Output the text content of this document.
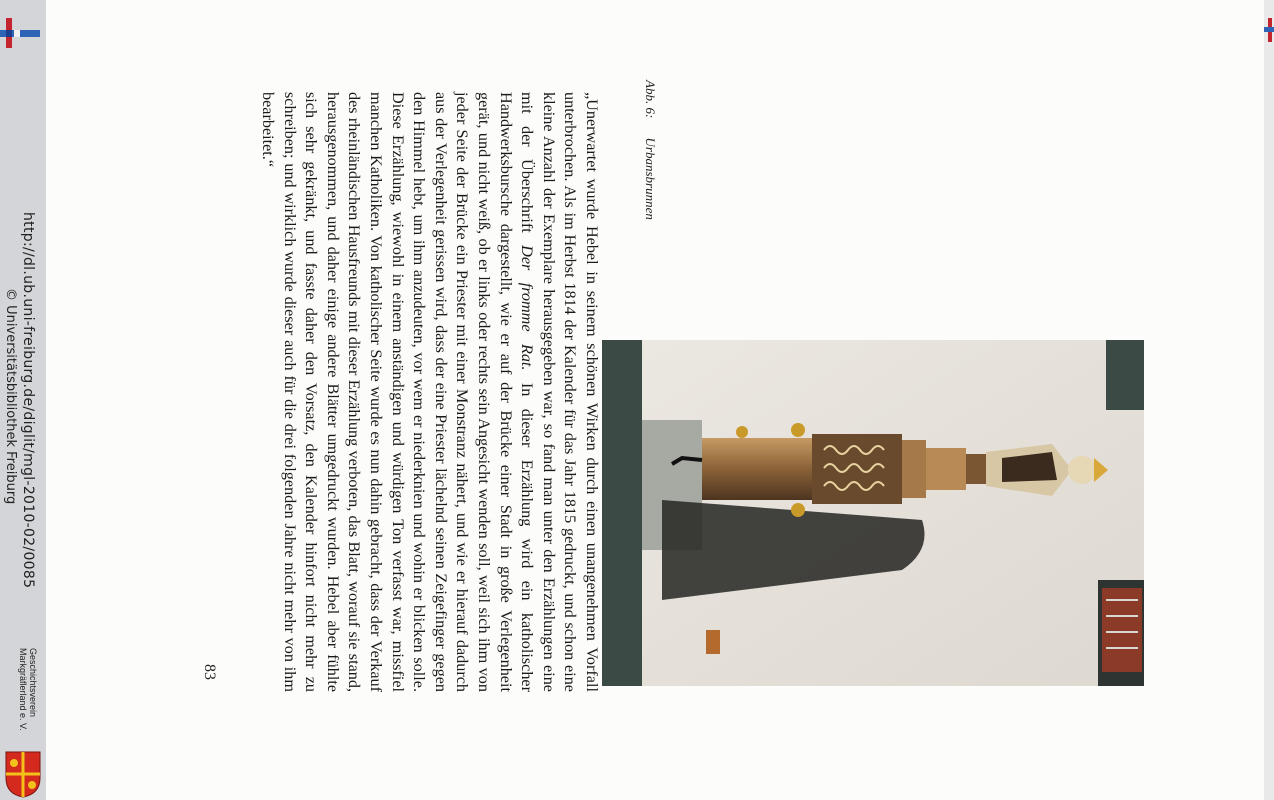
http://dl.ub.uni-freiburg.de/diglit/mgl-2010-02/0085
© Universitätsbibliothek Freiburg
Geschichtsverein
Markgräflerland e. V.
Abb. 6: Urbansbrunnen

„Unerwartet wurde Hebel in seinem schönen Wirken durch einen unangenehmen Vorfall unterbrochen. Als im Herbst 1814 der Kalender für das Jahr 1815 gedruckt, und schon eine kleine Anzahl der Exemplare herausgegeben war, so fand man unter den Erzählungen eine mit der Überschrift Der fromme Rat. In dieser Erzählung wird ein katholischer Handwerksbursche dargestellt, wie er auf der Brücke einer Stadt in große Verlegenheit gerät, und nicht weiß, ob er links oder rechts sein Angesicht wenden soll, weil sich ihm von jeder Seite der Brücke ein Priester mit einer Monstranz nähert, und wie er hierauf dadurch aus der Verlegenheit gerissen wird, dass der eine Priester lächelnd seinen Zeigefinger gegen den Himmel hebt, um ihm anzudeuten, vor wem er niederknien und wohin er blicken solle. Diese Erzählung, wiewohl in einem anständigen und würdigen Ton verfasst war, missfiel manchen Katholiken. Von katholischer Seite wurde es nun dahin gebracht, dass der Verkauf des rheinländischen Hausfreunds mit dieser Erzählung verboten, das Blatt, worauf sie stand, herausgenommen, und daher einige andere Blätter umgedruckt wurden. Hebel aber fühlte sich sehr gekränkt, und fasste daher den Vorsatz, den Kalender hinfort nicht mehr zu schreiben; und wirklich wurde dieser auch für die drei folgenden Jahre nicht mehr von ihm bearbeitet.“

83
